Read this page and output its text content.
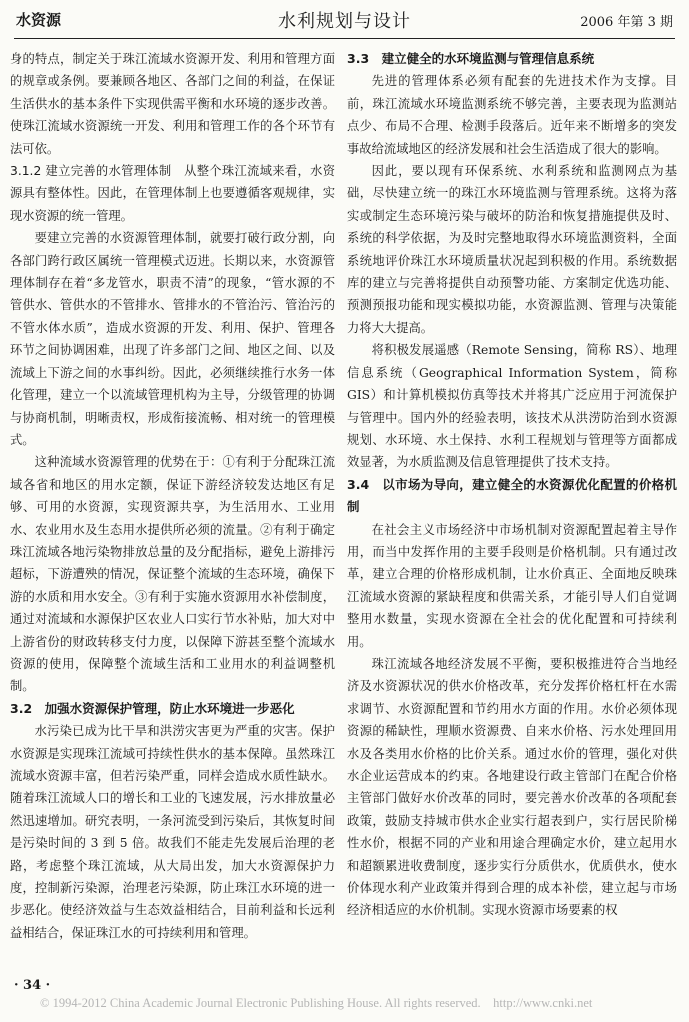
水资源	水利规划与设计	2006 年第 3 期

身的特点，制定关于珠江流域水资源开发、利用和管理方面的规章或条例。要兼顾各地区、各部门之间的利益，在保证生活供水的基本条件下实现供需平衡和水环境的逐步改善。使珠江流域水资源统一开发、利用和管理工作的各个环节有法可依。

3.1.2 建立完善的水管理体制　 从整个珠江流域来看，水资源具有整体性。因此，在管理体制上也要遵循客观规律，实现水资源的统一管理。

要建立完善的水资源管理体制，就要打破行政分割，向各部门跨行政区属统一管理模式迈进。长期以来，水资源管理体制存在着“多龙管水，职责不清”的现象，“管水源的不管供水、管供水的不管排水、管排水的不管治污、管治污的不管水体水质”，造成水资源的开发、利用、保护、管理各环节之间协调困难，出现了许多部门之间、地区之间、以及流域上下游之间的水事纠纷。因此，必须继续推行水务一体化管理，建立一个以流域管理机构为主导，分级管理的协调与协商机制，明晰责权，形成衔接流畅、相对统一的管理模式。

这种流域水资源管理的优势在于：①有利于分配珠江流域各省和地区的用水定额，保证下游经济较发达地区有足够、可用的水资源，实现资源共享，为生活用水、工业用水、农业用水及生态用水提供所必须的流量。②有利于确定珠江流域各地污染物排放总量的及分配指标，避免上游排污超标，下游遭殃的情况，保证整个流域的生态环境，确保下游的水质和用水安全。③有利于实施水资源用水补偿制度，通过对流域和水源保护区农业人口实行节水补贴，加大对中上游省份的财政转移支付力度，以保障下游甚至整个流域水资源的使用，保障整个流域生活和工业用水的利益调整机制。

3.2　加强水资源保护管理，防止水环境进一步恶化

水污染已成为比干旱和洪涝灾害更为严重的灾害。保护水资源是实现珠江流域可持续性供水的基本保障。虽然珠江流域水资源丰富，但若污染严重，同样会造成水质性缺水。随着珠江流域人口的增长和工业的飞速发展，污水排放量必然迅速增加。研究表明，一条河流受到污染后，其恢复时间是污染时间的 3 到 5 倍。故我们不能走先发展后治理的老路，考虑整个珠江流域，从大局出发，加大水资源保护力度，控制新污染源，治理老污染源，防止珠江水环境的进一步恶化。使经济效益与生态效益相结合，目前利益和长远利益相结合，保证珠江水的可持续利用和管理。

3.3　建立健全的水环境监测与管理信息系统

先进的管理体系必须有配套的先进技术作为支撑。目前，珠江流域水环境监测系统不够完善，主要表现为监测站点少、布局不合理、检测手段落后。近年来不断增多的突发事故给流域地区的经济发展和社会生活造成了很大的影响。

因此，要以现有环保系统、水利系统和监测网点为基础，尽快建立统一的珠江水环境监测与管理系统。这将为落实或制定生态环境污染与破坏的防治和恢复措施提供及时、系统的科学依据，为及时完整地取得水环境监测资料，全面系统地评价珠江水环境质量状况起到积极的作用。系统数据库的建立与完善将提供自动预警功能、方案制定优选功能、预测预报功能和现实模拟功能，水资源监测、管理与决策能力将大大提高。

将积极发展遥感（Remote Sensing，简称 RS）、地理信息系统（Geographical Information System，简称 GIS）和计算机模拟仿真等技术并将其广泛应用于河流保护与管理中。国内外的经验表明，该技术从洪涝防治到水资源规划、水环境、水土保持、水利工程规划与管理等方面都成效显著，为水质监测及信息管理提供了技术支持。

3.4　以市场为导向，建立健全的水资源优化配置的价格机制

在社会主义市场经济中市场机制对资源配置起着主导作用，而当中发挥作用的主要手段则是价格机制。只有通过改革，建立合理的价格形成机制，让水价真正、全面地反映珠江流域水资源的紧缺程度和供需关系，才能引导人们自觉调整用水数量，实现水资源在全社会的优化配置和可持续利用。

珠江流域各地经济发展不平衡，要积极推进符合当地经济及水资源状况的供水价格改革，充分发挥价格杠杆在水需求调节、水资源配置和节约用水方面的作用。水价必须体现资源的稀缺性，理顺水资源费、自来水价格、污水处理回用水及各类用水价格的比价关系。通过水价的管理，强化对供水企业运营成本的约束。各地建设行政主管部门在配合价格主管部门做好水价改革的同时，要完善水价改革的各项配套政策，鼓励支持城市供水企业实行超表到户，实行居民阶梯性水价，根据不同的产业和用途合理确定水价，建立起用水和超额累进收费制度，逐步实行分质供水，优质供水，使水价体现水利产业政策并得到合理的成本补偿，建立起与市场经济相适应的水价机制。实现水资源市场要素的权

· 34 ·
© 1994-2012 China Academic Journal Electronic Publishing House. All rights reserved.　http://www.cnki.net
